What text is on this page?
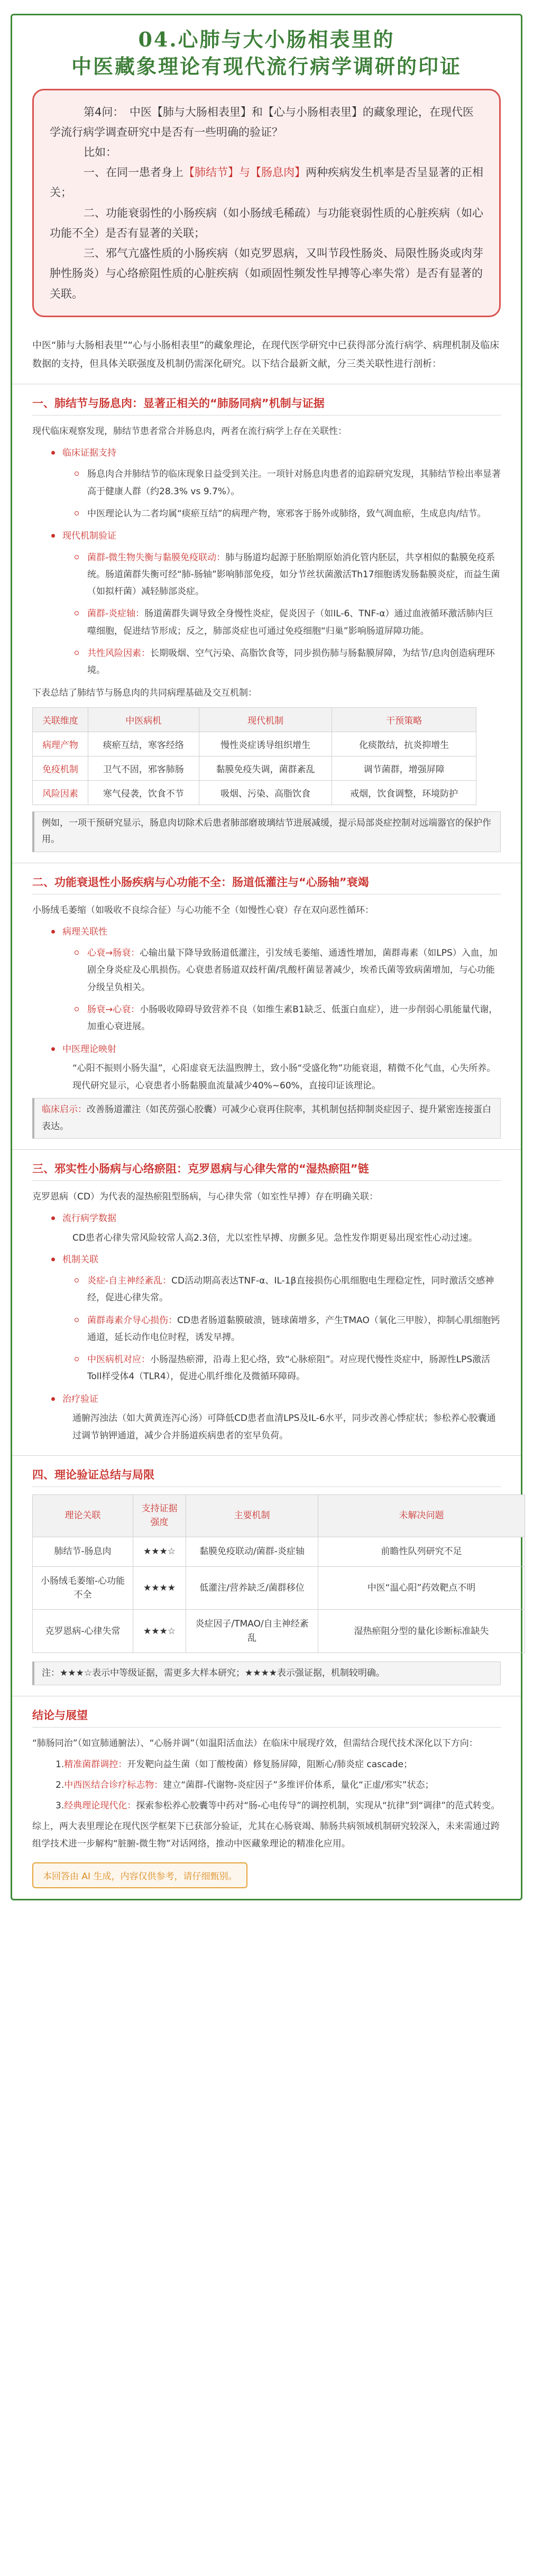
04.心肺与大小肠相表里的
中医藏象理论有现代流行病学调研的印证

第4问：　中医【肺与大肠相表里】和【心与小肠相表里】的藏象理论，在现代医学流行病学调查研究中是否有一些明确的验证？

比如：

一、在同一患者身上【肺结节】与【肠息肉】两种疾病发生机率是否呈显著的正相关；

二、功能衰弱性的小肠疾病（如小肠绒毛稀疏）与功能衰弱性质的心脏疾病（如心功能不全）是否有显著的关联；

三、邪气亢盛性质的小肠疾病（如克罗恩病，又叫节段性肠炎、局限性肠炎或肉芽肿性肠炎）与心络瘀阻性质的心脏疾病（如顽固性频发性早搏等心率失常）是否有显著的关联。

中医“肺与大肠相表里”“心与小肠相表里”的藏象理论，在现代医学研究中已获得部分流行病学、病理机制及临床数据的支持，但具体关联强度及机制仍需深化研究。以下结合最新文献，分三类关联性进行剖析：
一、肺结节与肠息肉：显著正相关的“肺肠同病”机制与证据
现代临床观察发现，肺结节患者常合并肠息肉，两者在流行病学上存在关联性：
临床证据支持
肠息肉合并肺结节的临床现象日益受到关注。一项针对肠息肉患者的追踪研究发现，其肺结节检出率显著高于健康人群（约28.3% vs 9.7%）。
中医理论认为二者均属“痰瘀互结”的病理产物，寒邪客于肠外或肺络，致气凋血瘀，生成息肉/结节。
现代机制验证
菌群-微生物失衡与黏膜免疫联动：肺与肠道均起源于胚胎期原始消化管内胚层，共享相似的黏膜免疫系统。肠道菌群失衡可经“肺-肠轴”影响肺部免疫，如分节丝状菌激活Th17细胞诱发肠黏膜炎症，而益生菌（如拟杆菌）减轻肺部炎症。
菌群-炎症轴：肠道菌群失调导致全身慢性炎症，促炎因子（如IL-6、TNF-α）通过血液循环激活肺内巨噬细胞，促进结节形成；反之，肺部炎症也可通过免疫细胞“归巢”影响肠道屏障功能。
共性风险因素：长期吸烟、空气污染、高脂饮食等，同步损伤肺与肠黏膜屏障，为结节/息肉创造病理环境。
下表总结了肺结节与肠息肉的共同病理基础及交互机制：
关联维度	中医病机	现代机制	干预策略
病理产物	痰瘀互结，寒客经络	慢性炎症诱导组织增生	化痰散结，抗炎抑增生
免疫机制	卫气不固，邪客肺肠	黏膜免疫失调，菌群紊乱	调节菌群，增强屏障
风险因素	寒气侵袭，饮食不节	吸烟、污染、高脂饮食	戒烟，饮食调整，环境防护
例如，一项干预研究显示，肠息肉切除术后患者肺部磨玻璃结节进展减缓，提示局部炎症控制对远端器官的保护作用。
二、功能衰退性小肠疾病与心功能不全：肠道低灌注与“心肠轴”衰竭
小肠绒毛萎缩（如吸收不良综合征）与心功能不全（如慢性心衰）存在双向恶性循环：
病理关联性
心衰→肠衰：心输出量下降导致肠道低灌注，引发绒毛萎缩、通透性增加，菌群毒素（如LPS）入血，加剧全身炎症及心肌损伤。心衰患者肠道双歧杆菌/乳酸杆菌显著减少，埃希氏菌等致病菌增加，与心功能分级呈负相关。
肠衰→心衰：小肠吸收障碍导致营养不良（如维生素B1缺乏、低蛋白血症），进一步削弱心肌能量代谢，加重心衰进展。
中医理论映射
“心阳不振则小肠失温”，心阳虚衰无法温煦脾土，致小肠“受盛化物”功能衰退，精微不化气血，心失所养。现代研究显示，心衰患者小肠黏膜血流量减少40%~60%，直接印证该理论。
临床启示：改善肠道灌注（如芪苈强心胶囊）可减少心衰再住院率，其机制包括抑制炎症因子、提升紧密连接蛋白表达。
三、邪实性小肠病与心络瘀阻：克罗恩病与心律失常的“湿热瘀阻”链
克罗恩病（CD）为代表的湿热瘀阻型肠病，与心律失常（如室性早搏）存在明确关联：
流行病学数据
CD患者心律失常风险较常人高2.3倍，尤以室性早搏、房颤多见。急性发作期更易出现室性心动过速。
机制关联
炎症-自主神经紊乱：CD活动期高表达TNF-α、IL-1β直接损伤心肌细胞电生理稳定性，同时激活交感神经，促进心律失常。
菌群毒素介导心损伤：CD患者肠道黏膜破溃，链球菌增多，产生TMAO（氧化三甲胺），抑制心肌细胞钙通道，延长动作电位时程，诱发早搏。
中医病机对应：小肠湿热瘀滞，沿毒上犯心络，致“心脉瘀阻”。对应现代慢性炎症中，肠源性LPS激活Toll样受体4（TLR4），促进心肌纤维化及微循环障碍。
治疗验证
通腑泻浊法（如大黄黄连泻心汤）可降低CD患者血清LPS及IL-6水平，同步改善心悸症状；参松养心胶囊通过调节钠钾通道，减少合并肠道疾病患者的室早负荷。
四、理论验证总结与局限
理论关联	支持证据强度	主要机制	未解决问题
肺结节-肠息肉	★★★☆	黏膜免疫联动/菌群-炎症轴	前瞻性队列研究不足
小肠绒毛萎缩-心功能不全	★★★★	低灌注/营养缺乏/菌群移位	中医“温心阳”药效靶点不明
克罗恩病-心律失常	★★★☆	炎症因子/TMAO/自主神经紊乱	湿热瘀阻分型的量化诊断标准缺失
注：★★★☆表示中等级证据，需更多大样本研究；★★★★表示强证据，机制较明确。
结论与展望
“肺肠同治”（如宣肺通腑法）、“心肠并调”（如温阳活血法）在临床中展现疗效，但需结合现代技术深化以下方向：
1.精准菌群调控：开发靶向益生菌（如丁酸梭菌）修复肠屏障，阻断心/肺炎症 cascade；
2.中西医结合诊疗标志物：建立“菌群-代谢物-炎症因子”多维评价体系，量化“正虚/邪实”状态；
3.经典理论现代化：探索参松养心胶囊等中药对“肠-心电传导”的调控机制，实现从“抗律”到“调律”的范式转变。
综上，两大表里理论在现代医学框架下已获部分验证，尤其在心肠衰竭、肺肠共病领域机制研究较深入，未来需通过跨组学技术进一步解构“脏腑-微生物”对话网络，推动中医藏象理论的精准化应用。
本回答由 AI 生成，内容仅供参考，请仔细甄别。
